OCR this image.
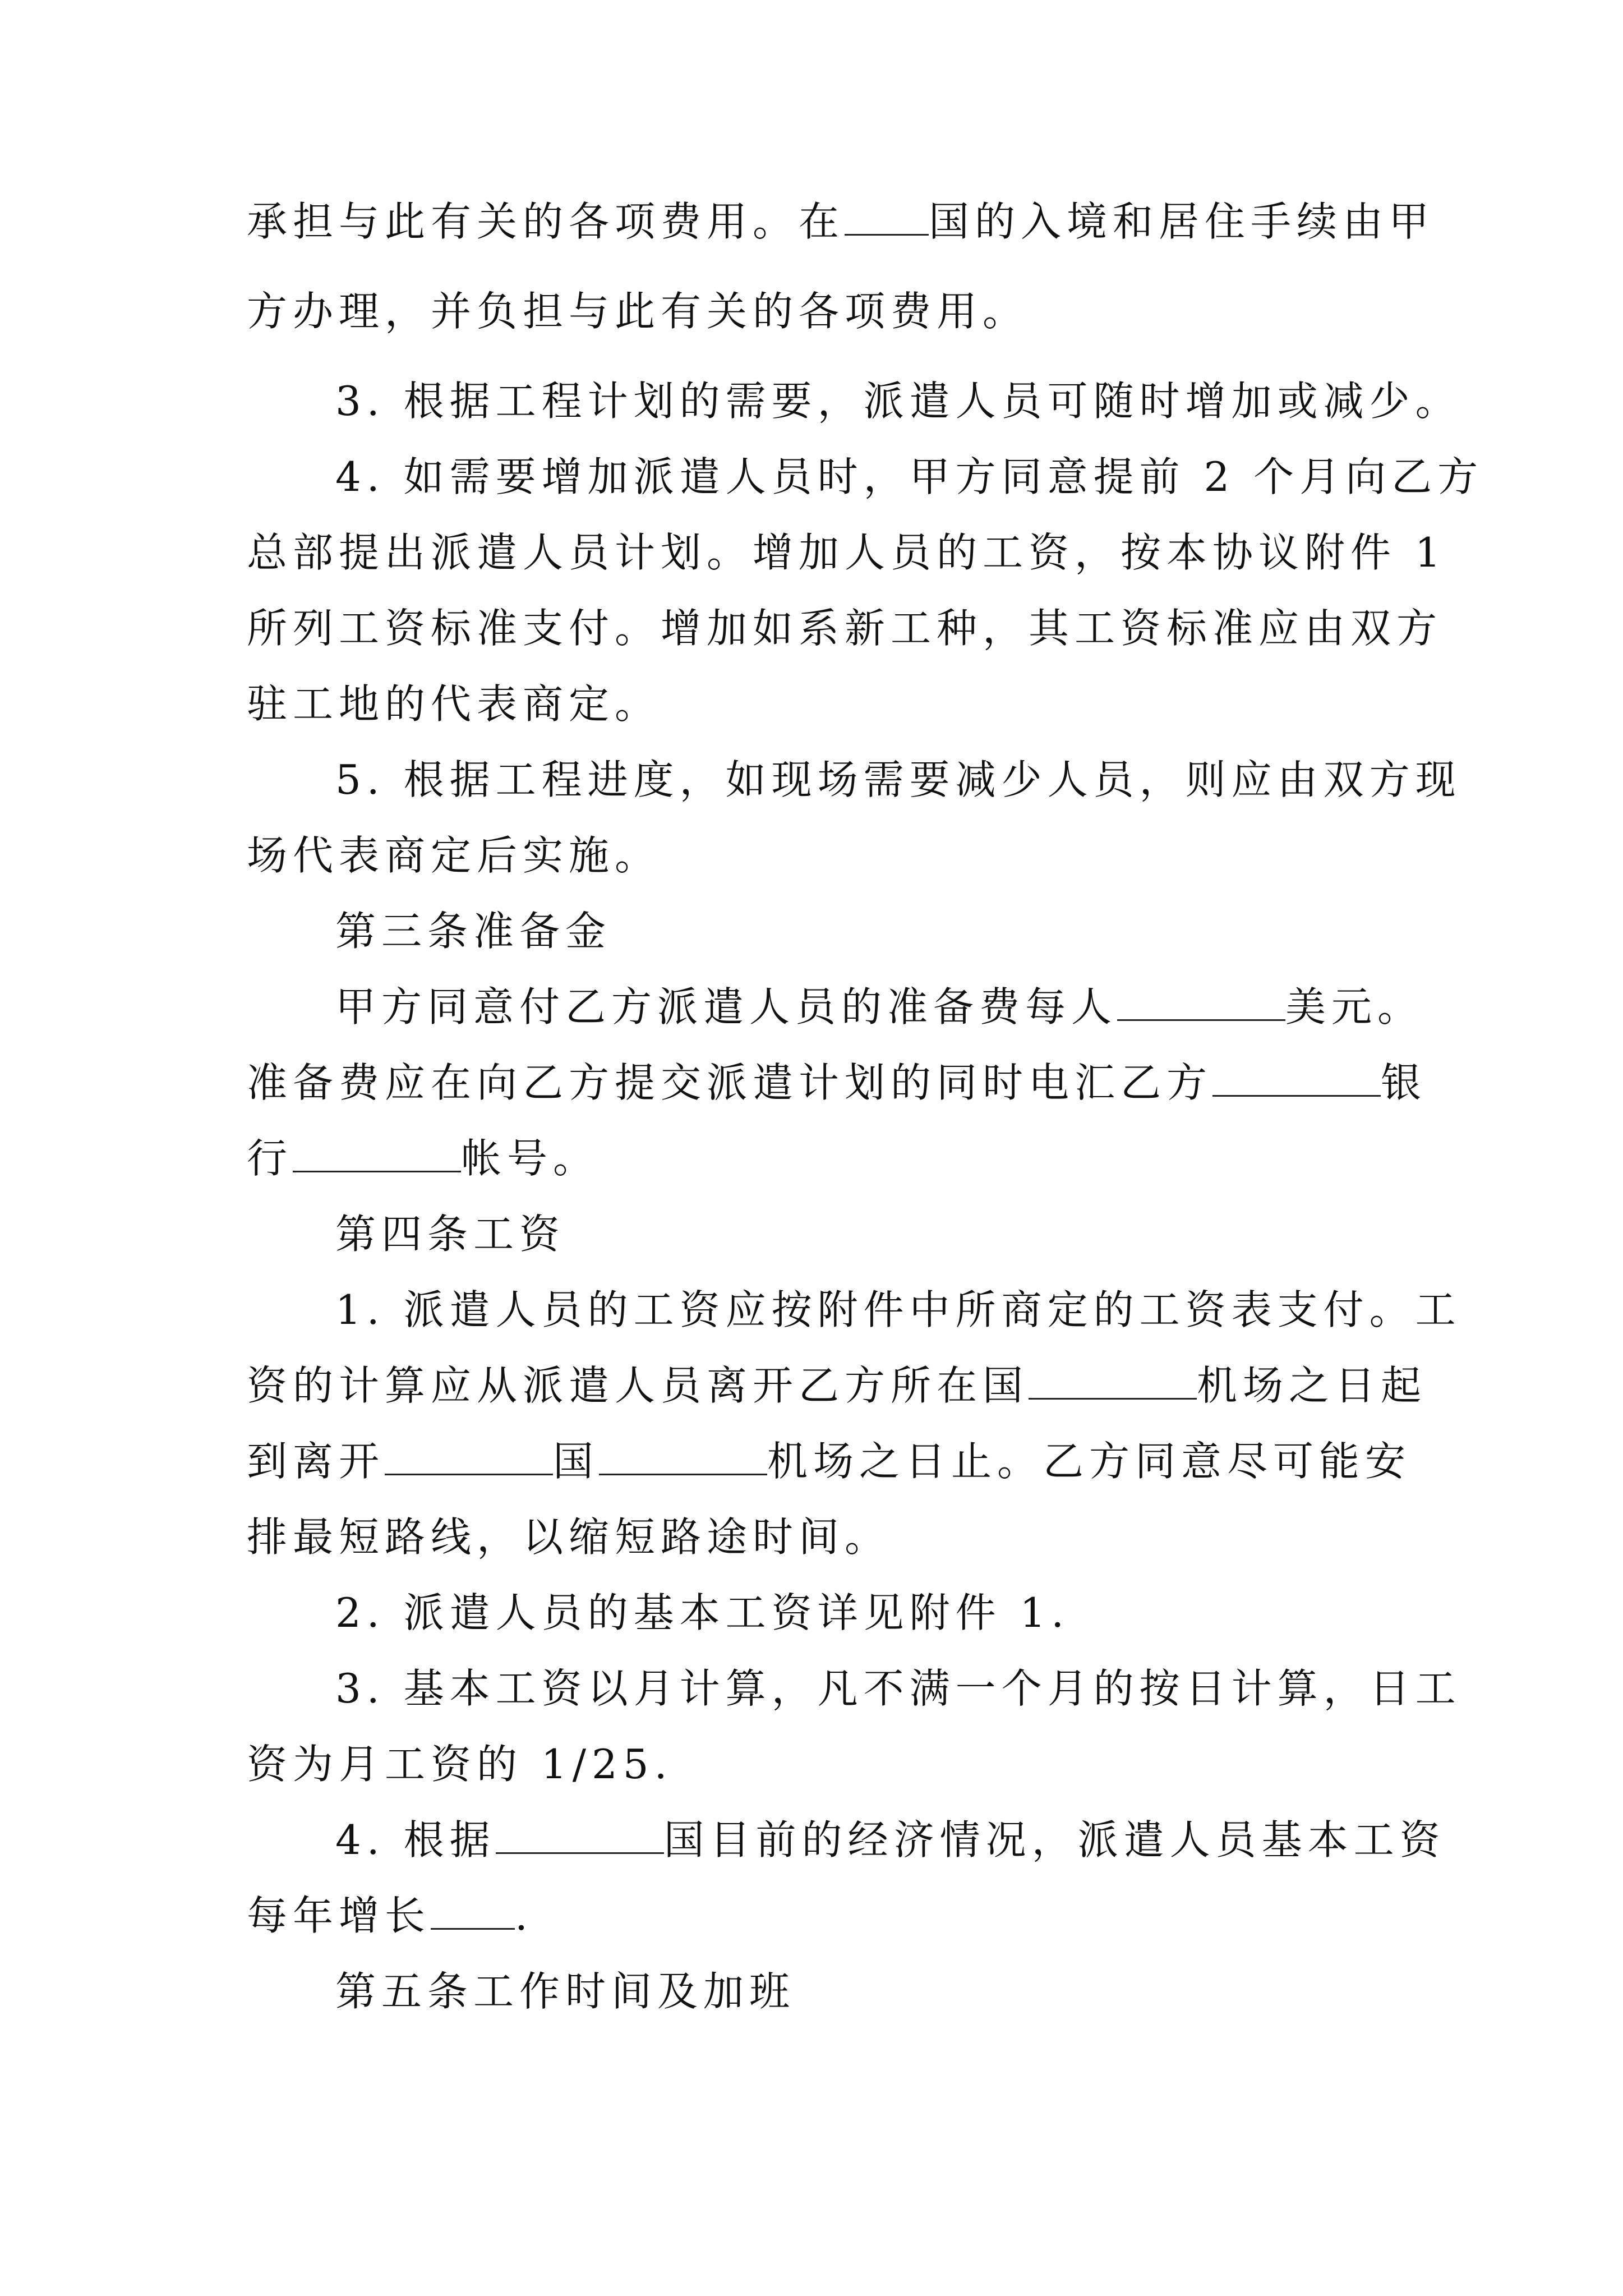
承担与此有关的各项费用。在 国的入境和居住手续由甲
方办理，并负担与此有关的各项费用。
3. 根据工程计划的需要，派遣人员可随时增加或减少。
4. 如需要增加派遣人员时，甲方同意提前 2 个月向乙方
总部提出派遣人员计划。增加人员的工资，按本协议附件 1
所列工资标准支付。增加如系新工种，其工资标准应由双方
驻工地的代表商定。
5. 根据工程进度，如现场需要减少人员，则应由双方现
场代表商定后实施。
第三条准备金
甲方同意付乙方派遣人员的准备费每人	美元。
准备费应在向乙方提交派遣计划的同时电汇乙方	银
行	帐号。
第四条工资
1. 派遣人员的工资应按附件中所商定的工资表支付。工
资的计算应从派遣人员离开乙方所在国	机场之日起
到离开	国	机场之日止。乙方同意尽可能安
排最短路线，以缩短路途时间。
2. 派遣人员的基本工资详见附件 1.
3. 基本工资以月计算，凡不满一个月的按日计算，日工
资为月工资的 1/25.
4. 根据	国目前的经济情况，派遣人员基本工资
每年增长 .
第五条工作时间及加班
